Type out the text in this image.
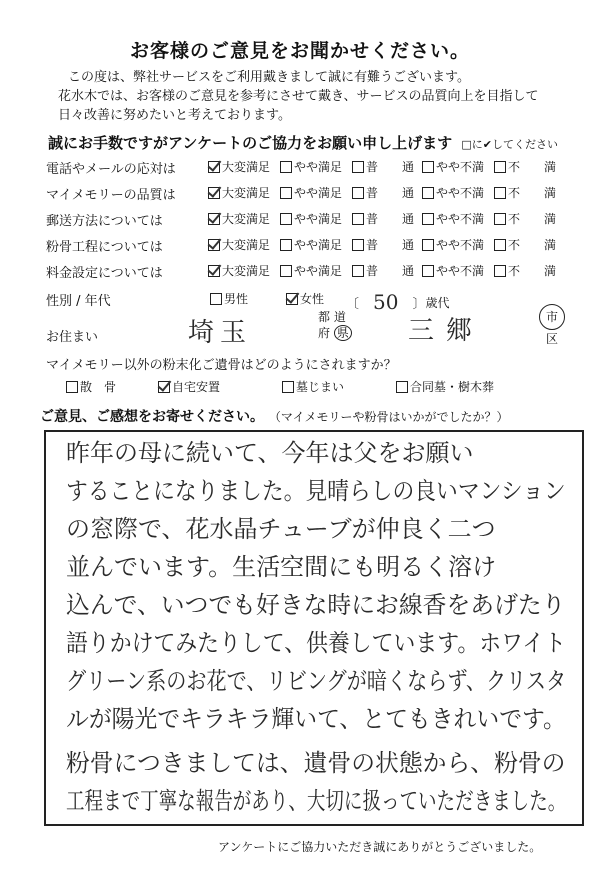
お客様のご意見をお聞かせください。
この度は、弊社サービスをご利用戴きまして誠に有難うございます。
花水木では、お客様のご意見を参考にさせて戴き、サービスの品質向上を目指して
日々改善に努めたいと考えております。
誠にお手数ですがアンケートのご協力をお願い申し上げます □に✔してください
電話やメールの応対は	大変満足 やや満足 普　　通 やや不満 不　　満
マイメモリーの品質は	大変満足 やや満足 普　　通 やや不満 不　　満
郵送方法については	大変満足 やや満足 普　　通 やや不満 不　　満
粉骨工程については	大変満足 やや満足 普　　通 やや不満 不　　満
料金設定については	大変満足 やや満足 普　　通 やや不満 不　　満
性別 / 年代	男性	女性 〔 50 〕 歳代
お住まい	埼玉
都 道
府 県	三郷	市
区
マイメモリー以外の粉末化ご遺骨はどのようにされますか？
散　骨	自宅安置	墓じまい	合同墓・樹木葬
ご意見、ご感想をお寄せください。 （マイメモリーや粉骨はいかがでしたか？）
昨年の母に続いて、今年は父をお願い
することになりました。見晴らしの良いマンション
の窓際で、花水晶チューブが仲良く二つ
並んでいます。生活空間にも明るく溶け
込んで、いつでも好きな時にお線香をあげたり
語りかけてみたりして、供養しています。ホワイト
グリーン系のお花で、リビングが暗くならず、クリスタ
ルが陽光でキラキラ輝いて、とてもきれいです。
粉骨につきましては、遺骨の状態から、粉骨の
工程まで丁寧な報告があり、大切に扱っていただきました。
アンケートにご協力いただき誠にありがとうございました。
